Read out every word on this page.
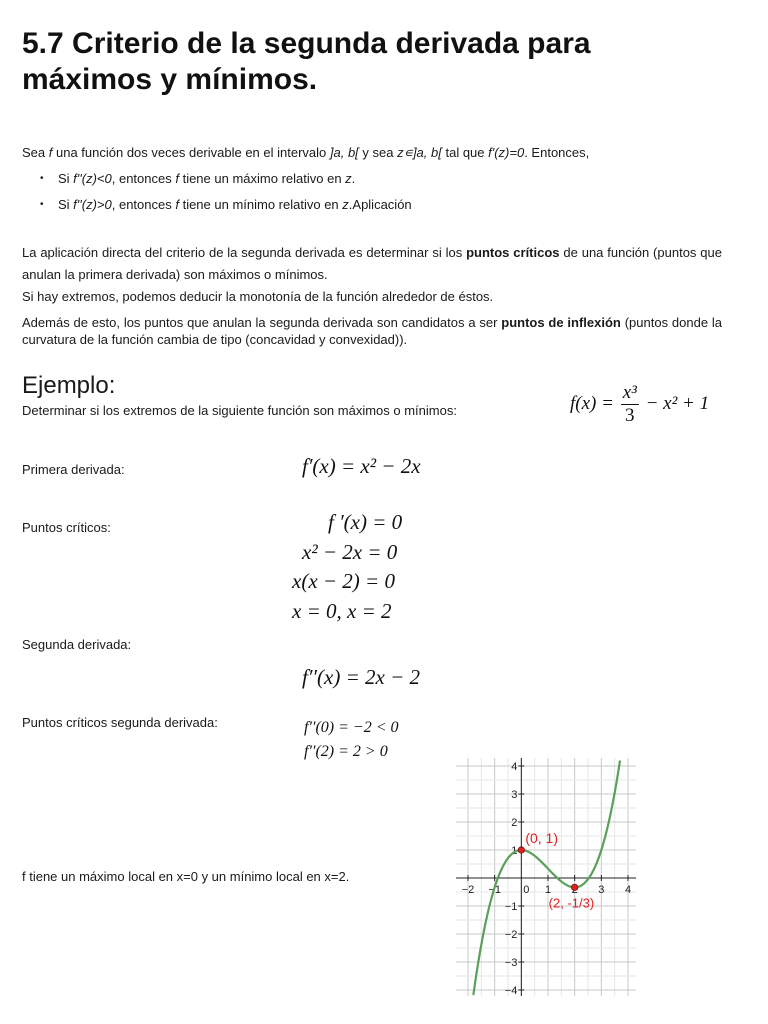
5.7 Criterio de la segunda derivada para máximos y mínimos.
Sea f una función dos veces derivable en el intervalo ]a, b[ y sea z∊]a, b[ tal que f'(z)=0. Entonces,
• Si f''(z)<0, entonces f tiene un máximo relativo en z.
• Si f''(z)>0, entonces f tiene un mínimo relativo en z.Aplicación
La aplicación directa del criterio de la segunda derivada es determinar si los puntos críticos de una función (puntos que anulan la primera derivada) son máximos o mínimos.
Si hay extremos, podemos deducir la monotonía de la función alrededor de éstos.
Además de esto, los puntos que anulan la segunda derivada son candidatos a ser puntos de inflexión (puntos donde la curvatura de la función cambia de tipo (concavidad y convexidad)).
Ejemplo:
Determinar si los extremos de la siguiente función son máximos o mínimos:	$f(x) = \frac{\text{x³}}{3} - x^2 + 1$
Primera derivada:	f′(x) = x² − 2x
Puntos críticos:	f ′(x) = 0
x² − 2x = 0
x(x − 2) = 0
x = 0, x = 2
Segunda derivada:
f′′(x) = 2x − 2
Puntos críticos segunda derivada:	f′′(0) = −2 < 0
f′′(2) = 2 > 0
f tiene un máximo local en x=0 y un mínimo local en x=2.
−2 −1 0 1	3 4
4
3
2
1
−1
−2
−3
−4
(0, 1)
(2, -1/3)
